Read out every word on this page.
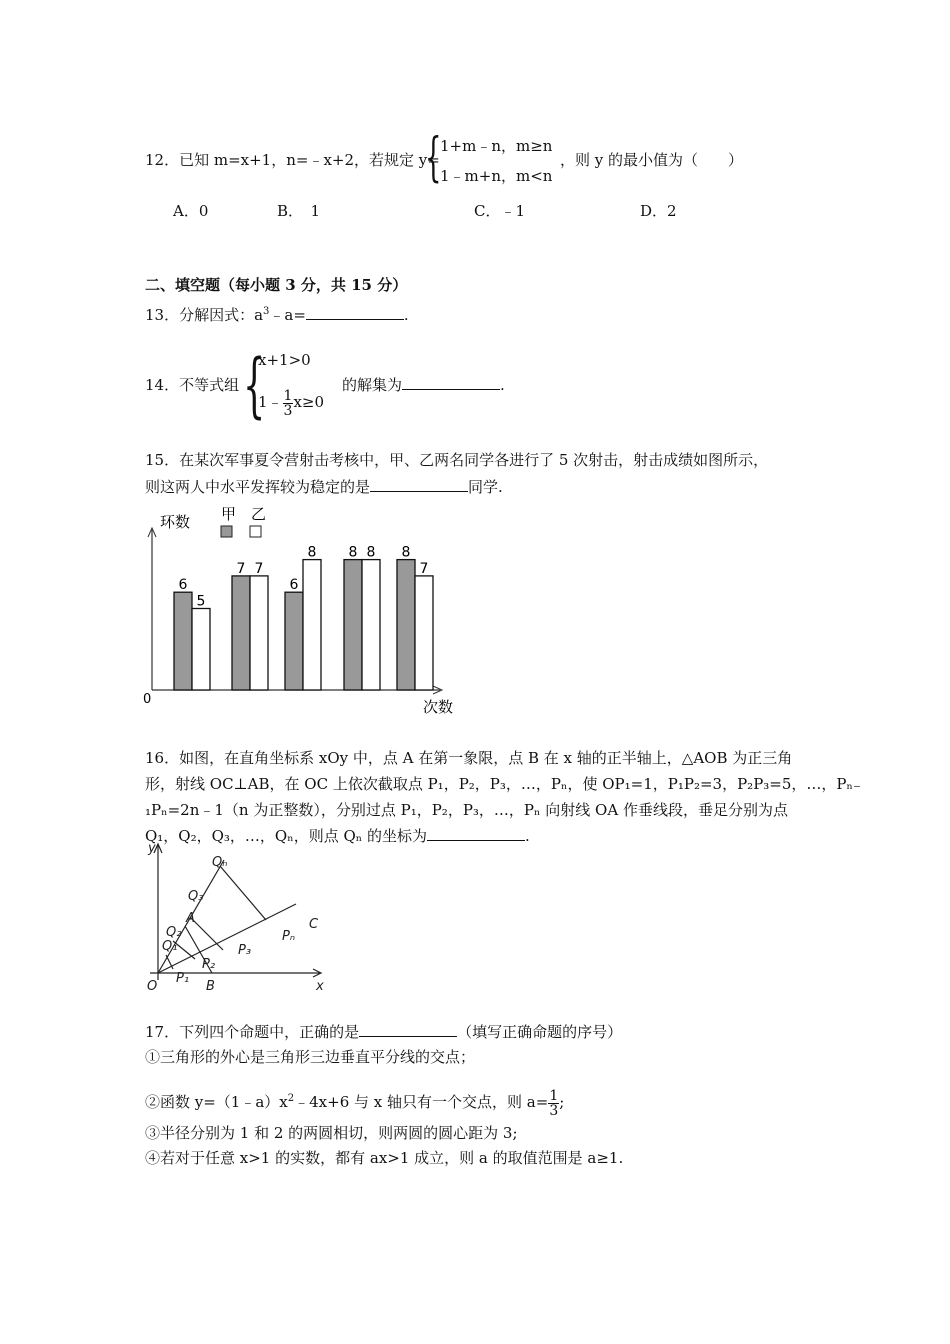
12．已知 m=x+1，n=﹣x+2，若规定 y=
{
1+m﹣n，m≥n
1﹣m+n，m<n
，则 y 的最小值为（　　）
A．0	B．　1	C．﹣1	D．2
二、填空题（每小题 3 分，共 15 分）
13．分解因式：$a^3﹣a=$	.
14．不等式组 {
x+1>0
1﹣ $\frac{1}{3} x\ge 0$
的解集为	.
15．在某次军事夏令营射击考核中，甲、乙两名同学各进行了 5 次射击，射击成绩如图所示，
则这两人中水平发挥较为稳定的是	同学.
环数
次数
0
甲 乙
6
5
7 7
6
8 8 8 8
7
16．如图，在直角坐标系 xOy 中，点 A 在第一象限，点 B 在 x 轴的正半轴上，△AOB 为正三角
形，射线 OC⊥AB，在 OC 上依次截取点 P₁，P₂，P₃，…，Pₙ，使 OP₁=1，P₁P₂=3，P₂P₃=5，…，Pₙ₋
₁Pₙ=2n﹣1（n 为正整数），分别过点 P₁，P₂，P₃，…，Pₙ 向射线 OA 作垂线段，垂足分别为点
Q₁，Q₂，Q₃，…，Qₙ，则点 Qₙ 的坐标为	.
y
x
O
A
B
C
P₁
P₂
P₃
Pₙ
Q₁
Q₂
Q₃
Qₙ
17．下列四个命题中，正确的是	（填写正确命题的序号）
①三角形的外心是三角形三边垂直平分线的交点；
②函数 $y=(1﹣a)x^2﹣4x+6$ 与 x 轴只有一个交点，则 $a= \frac{1}{3}$ ;
③半径分别为 1 和 2 的两圆相切，则两圆的圆心距为 3;
④若对于任意 x>1 的实数，都有 ax>1 成立，则 a 的取值范围是 a≥1.
